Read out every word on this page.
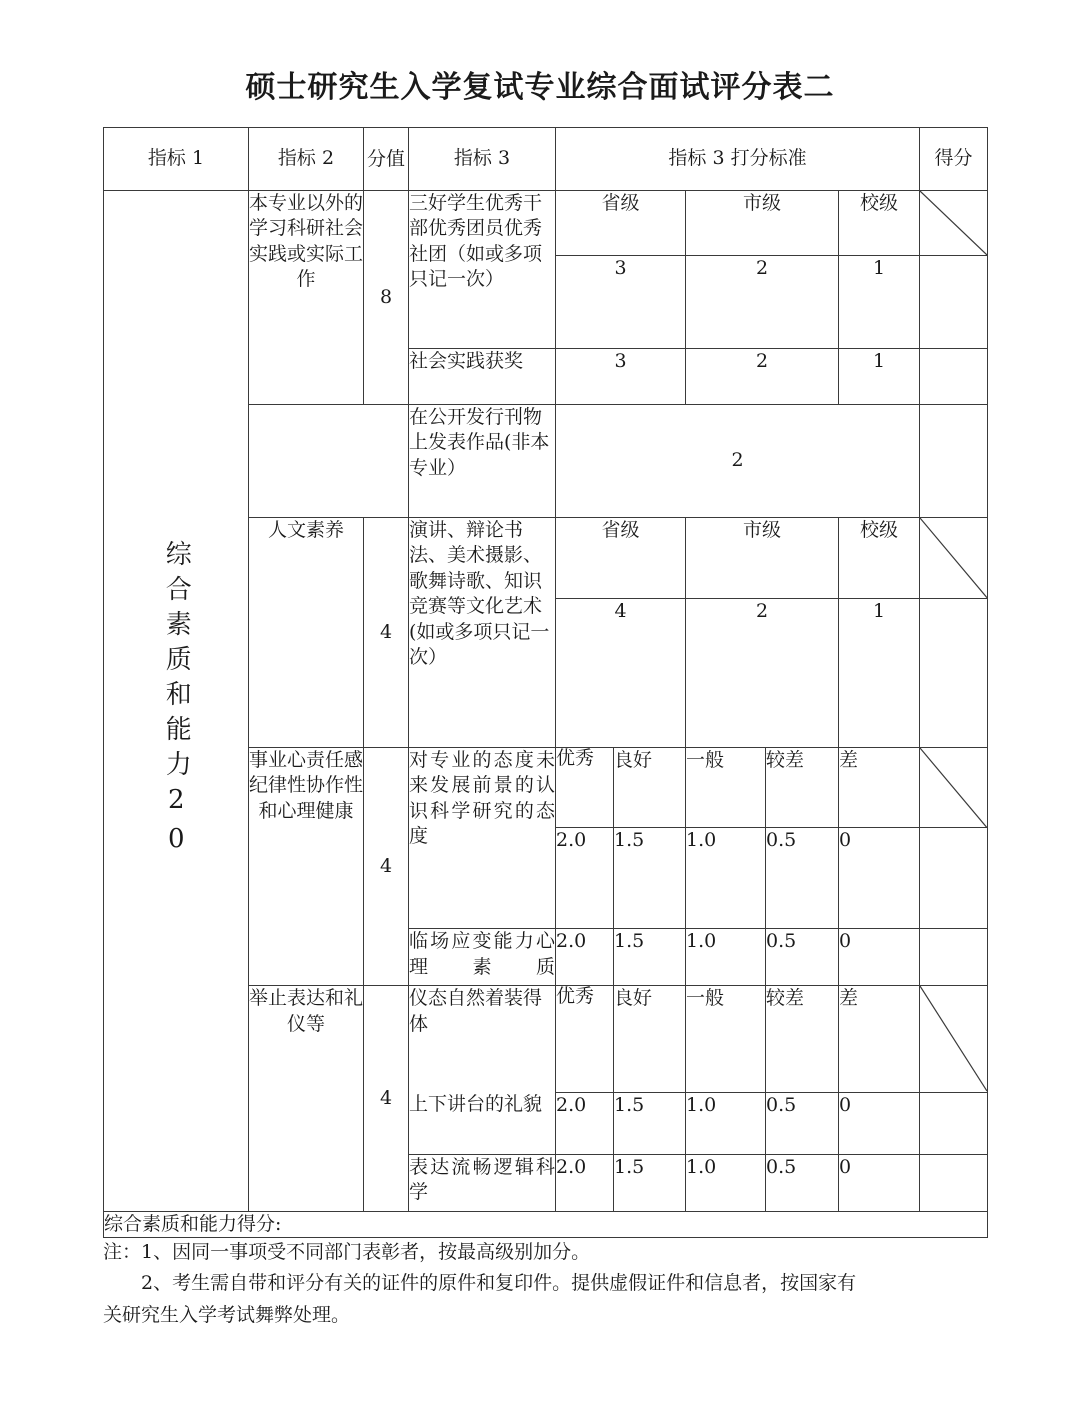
硕士研究生入学复试专业综合面试评分表二
指标 1	指标 2	分值	指标 3	指标 3 打分标准					得分

综合素质和能力20	本专业以外的学习科研社会实践或实际工作	8	三好学生优秀干部优秀团员优秀社团（如或多项只记一次）	省级		市级		校级	

				3		2		1	

			社会实践获奖	3		2		1	

			在公开发行刊物上发表作品(非本专业）	2					

	人文素养	4	演讲、辩论书法、美术摄影、歌舞诗歌、知识竞赛等文化艺术(如或多项只记一次）	省级		市级		校级	

				4		2		1	

	事业心责任感纪律性协作性和心理健康	4	对专业的态度未来发展前景的认识科学研究的态度	优秀	良好	一般	较差	差	

				2.0	1.5	1.0	0.5	0	

			临场应变能力心理素质	2.0	1.5	1.0	0.5	0	

	举止表达和礼仪等	4	仪态自然着装得体	优秀	良好	一般	较差	差	

			上下讲台的礼貌	2.0	1.5	1.0	0.5	0	

			表达流畅逻辑科学	2.0	1.5	1.0	0.5	0	
综合素质和能力得分:									

注：1、因同一事项受不同部门表彰者，按最高级别加分。

2、考生需自带和评分有关的证件的原件和复印件。提供虚假证件和信息者，按国家有

关研究生入学考试舞弊处理。
